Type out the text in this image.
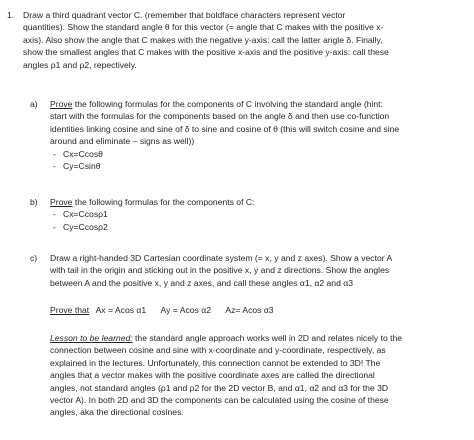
1. Draw a third quadrant vector C. (remember that boldface characters represent vector
quantities). Show the standard angle θ for this vector (= angle that C makes with the positive x-
axis). Also show the angle that C makes with the negative y-axis: call the latter angle δ. Finally,
show the smallest angles that C makes with the positive x-axis and the positive y-axis: call these
angles ρ1 and ρ2, repectively.
a) Prove the following formulas for the components of C involving the standard angle (hint:
start with the formulas for the components based on the angle δ and then use co-function
identities linking cosine and sine of δ to sine and cosine of θ (this will switch cosine and sine
around and eliminate – signs as well))
-   Cx=Ccosθ
-   Cy=Csinθ
b) Prove the following formulas for the components of C:
-   Cx=Ccosρ1
-   Cy=Ccosρ2
c) Draw a right-handed 3D Cartesian coordinate system (= x, y and z axes). Show a vector A
with tail in the origin and sticking out in the positive x, y and z directions. Show the angles
between A and the positive x, y and z axes, and call these angles α1, α2 and α3
Prove that Ax = Acos α1 Ay = Acos α2 Az= Acos α3
Lesson to be learned: the standard angle approach works well in 2D and relates nicely to the
connection between cosine and sine with x-coordinate and y-coordinate, respectively, as
explained in the lectures. Unfortunately, this connection cannot be extended to 3D! The
angles that a vector makes with the positive coordinate axes are called the directional
angles, not standard angles (ρ1 and ρ2 for the 2D vector B, and α1, α2 and α3 for the 3D
vector A). In both 2D and 3D the components can be calculated using the cosine of these
angles, aka the directional cosines.
